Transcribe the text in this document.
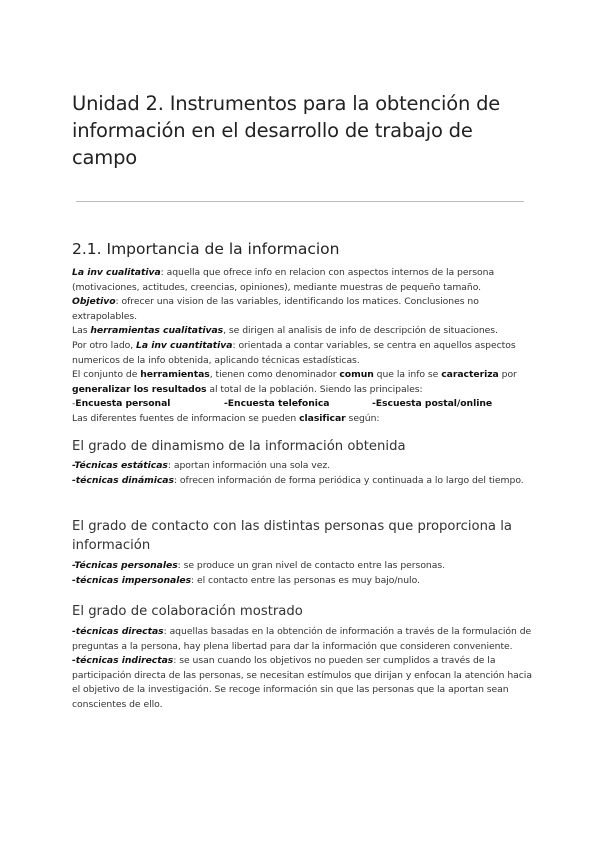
Unidad 2. Instrumentos para la obtención de información en el desarrollo de trabajo de campo
2.1. Importancia de la informacion

La inv cualitativa: aquella que ofrece info en relacion con aspectos internos de la persona (motivaciones, actitudes, creencias, opiniones), mediante muestras de pequeño tamaño.

Objetivo: ofrecer una vision de las variables, identificando los matices. Conclusiones no extrapolables.

Las herramientas cualitativas, se dirigen al analisis de info de descripción de situaciones.

Por otro lado, La inv cuantitativa: orientada a contar variables, se centra en aquellos aspectos numericos de la info obtenida, aplicando técnicas estadísticas.

El conjunto de herramientas, tienen como denominador comun que la info se caracteriza por generalizar los resultados al total de la población. Siendo las principales:

-Encuesta personal	-Encuesta telefonica	-Escuesta postal/online

Las diferentes fuentes de informacion se pueden clasificar según:

El grado de dinamismo de la información obtenida

-Técnicas estáticas: aportan información una sola vez.

-técnicas dinámicas: ofrecen información de forma periódica y continuada a lo largo del tiempo.

El grado de contacto con las distintas personas que proporciona la información

-Técnicas personales: se produce un gran nivel de contacto entre las personas.

-técnicas impersonales: el contacto entre las personas es muy bajo/nulo.

El grado de colaboración mostrado

-técnicas directas: aquellas basadas en la obtención de información a través de la formulación de preguntas a la persona, hay plena libertad para dar la información que consideren conveniente.

-técnicas indirectas: se usan cuando los objetivos no pueden ser cumplidos a través de la participación directa de las personas, se necesitan estímulos que dirijan y enfocan la atención hacia el objetivo de la investigación. Se recoge información sin que las personas que la aportan sean conscientes de ello.
